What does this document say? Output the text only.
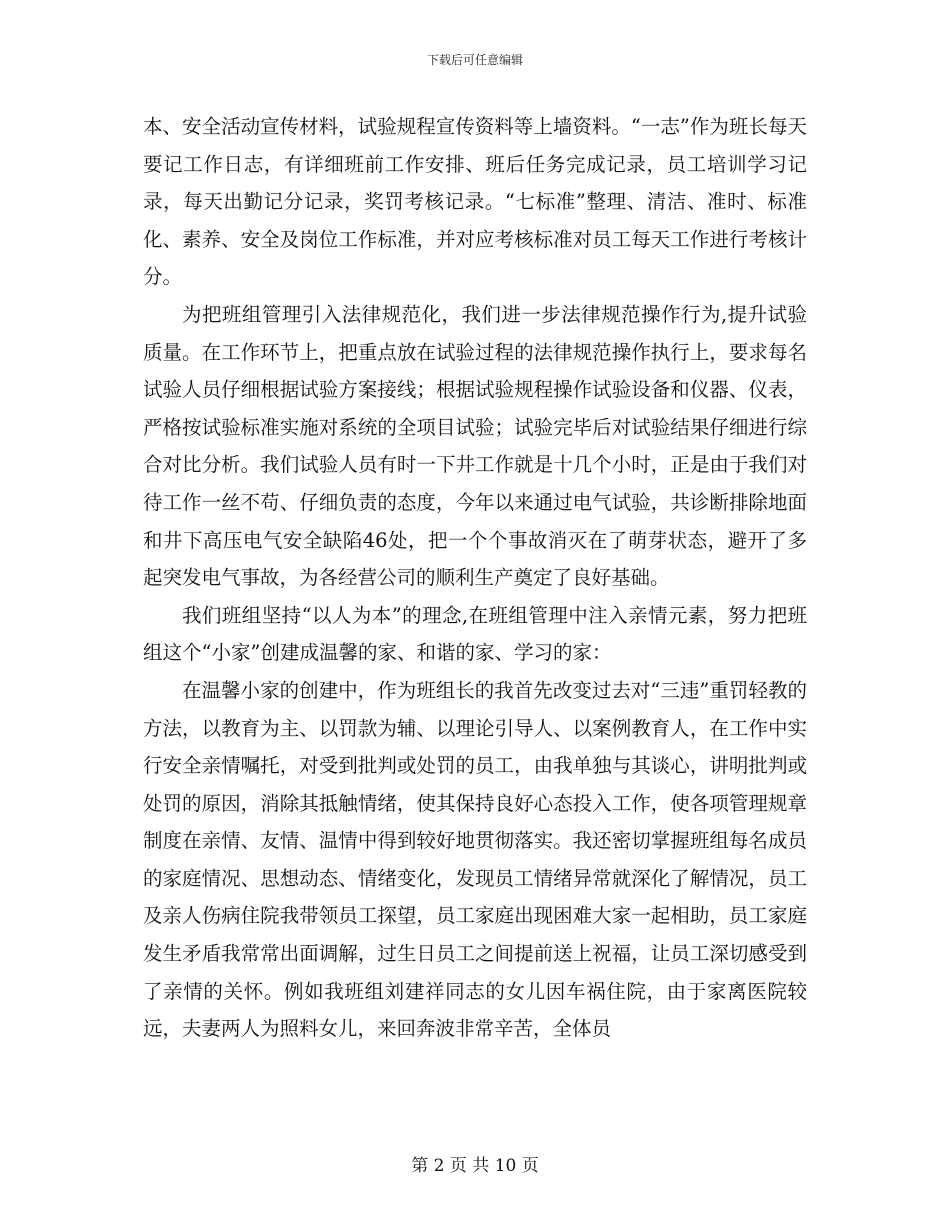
下载后可任意编辑

本、安全活动宣传材料，试验规程宣传资料等上墙资料。“一志”作为班长每天要记工作日志，有详细班前工作安排、班后任务完成记录，员工培训学习记录，每天出勤记分记录，奖罚考核记录。“七标准”整理、清洁、准时、标准化、素养、安全及岗位工作标准，并对应考核标准对员工每天工作进行考核计分。

为把班组管理引入法律规范化，我们进一步法律规范操作行为,提升试验质量。在工作环节上，把重点放在试验过程的法律规范操作执行上，要求每名试验人员仔细根据试验方案接线；根据试验规程操作试验设备和仪器、仪表，严格按试验标准实施对系统的全项目试验；试验完毕后对试验结果仔细进行综合对比分析。我们试验人员有时一下井工作就是十几个小时，正是由于我们对待工作一丝不苟、仔细负责的态度，今年以来通过电气试验，共诊断排除地面和井下高压电气安全缺陷46处，把一个个事故消灭在了萌芽状态，避开了多起突发电气事故，为各经营公司的顺利生产奠定了良好基础。

我们班组坚持“以人为本”的理念,在班组管理中注入亲情元素，努力把班组这个“小家”创建成温馨的家、和谐的家、学习的家：

在温馨小家的创建中，作为班组长的我首先改变过去对“三违”重罚轻教的方法，以教育为主、以罚款为辅、以理论引导人、以案例教育人，在工作中实行安全亲情嘱托，对受到批判或处罚的员工，由我单独与其谈心，讲明批判或处罚的原因，消除其抵触情绪，使其保持良好心态投入工作，使各项管理规章制度在亲情、友情、温情中得到较好地贯彻落实。我还密切掌握班组每名成员的家庭情况、思想动态、情绪变化，发现员工情绪异常就深化了解情况，员工及亲人伤病住院我带领员工探望，员工家庭出现困难大家一起相助，员工家庭发生矛盾我常常出面调解，过生日员工之间提前送上祝福，让员工深切感受到了亲情的关怀。例如我班组刘建祥同志的女儿因车祸住院，由于家离医院较远，夫妻两人为照料女儿，来回奔波非常辛苦，全体员

第 2 页 共 10 页
